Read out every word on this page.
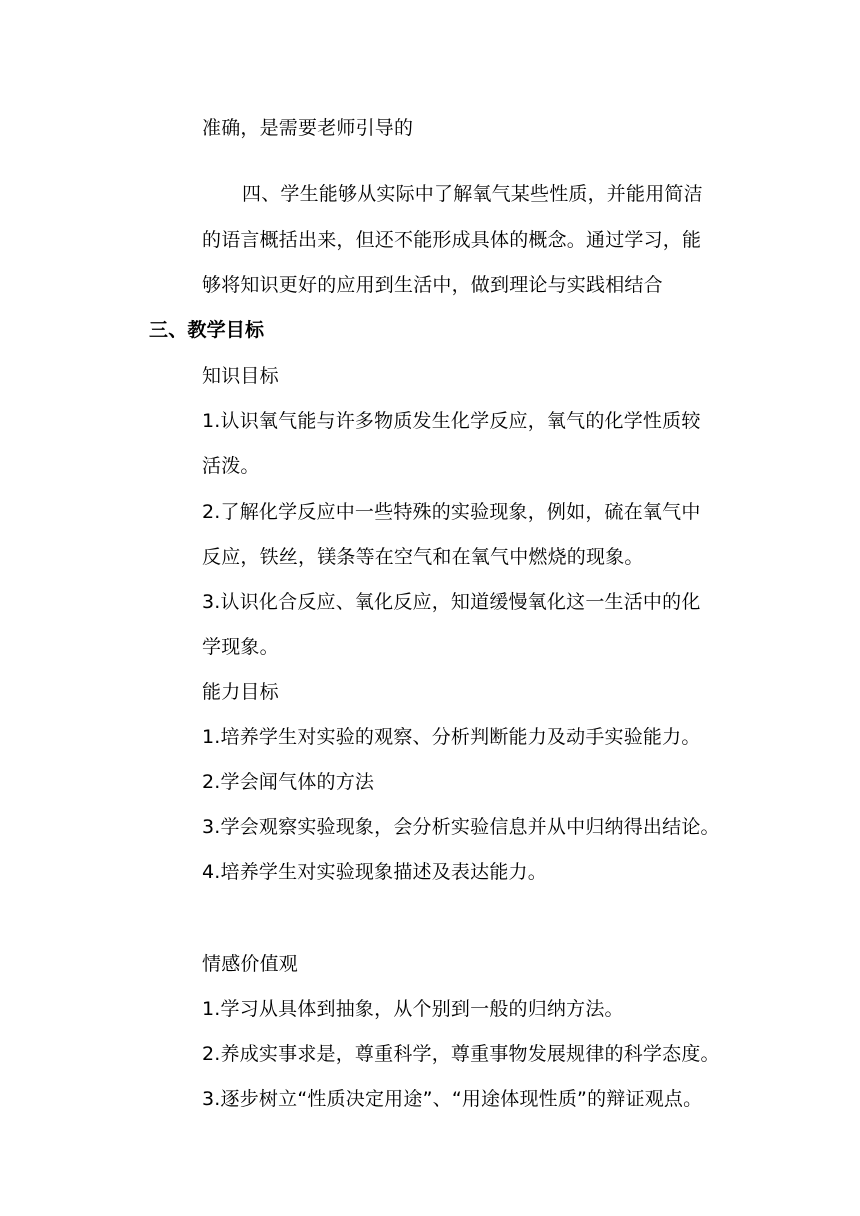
准确，是需要老师引导的
四、学生能够从实际中了解氧气某些性质，并能用简洁
的语言概括出来，但还不能形成具体的概念。通过学习，能
够将知识更好的应用到生活中，做到理论与实践相结合
三、教学目标
知识目标
1.认识氧气能与许多物质发生化学反应，氧气的化学性质较
活泼。
2.了解化学反应中一些特殊的实验现象，例如，硫在氧气中
反应，铁丝，镁条等在空气和在氧气中燃烧的现象。
3.认识化合反应、氧化反应，知道缓慢氧化这一生活中的化
学现象。
能力目标
1.培养学生对实验的观察、分析判断能力及动手实验能力。
2.学会闻气体的方法
3.学会观察实验现象，会分析实验信息并从中归纳得出结论。
4.培养学生对实验现象描述及表达能力。
情感价值观
1.学习从具体到抽象，从个别到一般的归纳方法。
2.养成实事求是，尊重科学，尊重事物发展规律的科学态度。
3.逐步树立“性质决定用途”、“用途体现性质”的辩证观点。
